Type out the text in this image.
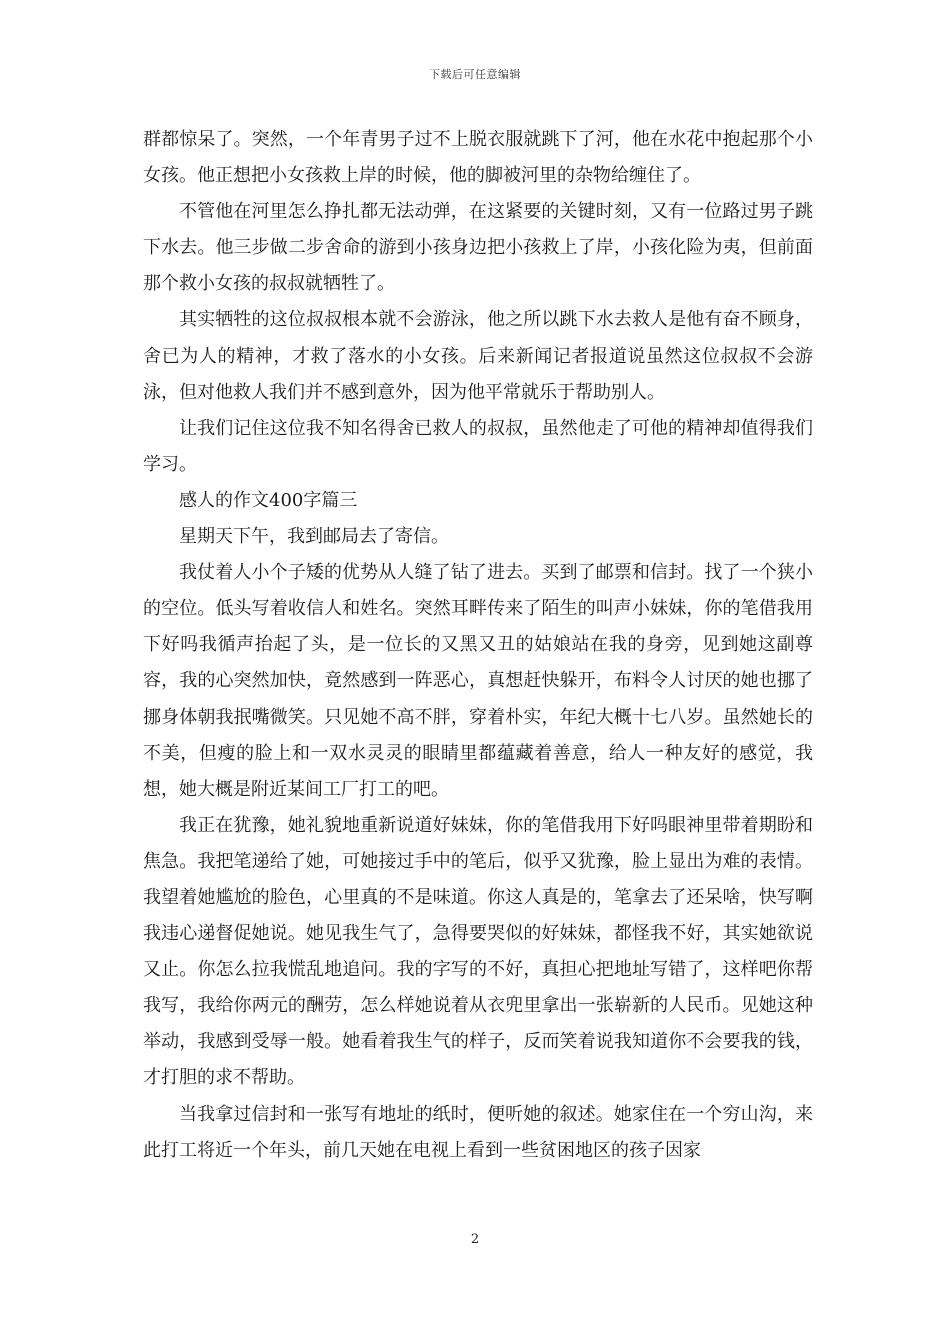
下载后可任意编辑

群都惊呆了。突然，一个年青男子过不上脱衣服就跳下了河，他在水花中抱起那个小女孩。他正想把小女孩救上岸的时候，他的脚被河里的杂物给缠住了。

不管他在河里怎么挣扎都无法动弹，在这紧要的关键时刻，又有一位路过男子跳下水去。他三步做二步舍命的游到小孩身边把小孩救上了岸，小孩化险为夷，但前面那个救小女孩的叔叔就牺牲了。

其实牺牲的这位叔叔根本就不会游泳，他之所以跳下水去救人是他有奋不顾身，舍已为人的精神，才救了落水的小女孩。后来新闻记者报道说虽然这位叔叔不会游泳，但对他救人我们并不感到意外，因为他平常就乐于帮助别人。

让我们记住这位我不知名得舍已救人的叔叔，虽然他走了可他的精神却值得我们学习。

感人的作文400字篇三

星期天下午，我到邮局去了寄信。

我仗着人小个子矮的优势从人缝了钻了进去。买到了邮票和信封。找了一个狭小的空位。低头写着收信人和姓名。突然耳畔传来了陌生的叫声小妹妹，你的笔借我用下好吗我循声抬起了头，是一位长的又黑又丑的姑娘站在我的身旁，见到她这副尊容，我的心突然加快，竟然感到一阵恶心，真想赶快躲开，布料令人讨厌的她也挪了挪身体朝我抿嘴微笑。只见她不高不胖，穿着朴实，年纪大概十七八岁。虽然她长的不美，但瘦的脸上和一双水灵灵的眼睛里都蕴藏着善意，给人一种友好的感觉，我想，她大概是附近某间工厂打工的吧。

我正在犹豫，她礼貌地重新说道好妹妹，你的笔借我用下好吗眼神里带着期盼和焦急。我把笔递给了她，可她接过手中的笔后，似乎又犹豫，脸上显出为难的表情。我望着她尴尬的脸色，心里真的不是味道。你这人真是的，笔拿去了还呆啥，快写啊我违心递督促她说。她见我生气了，急得要哭似的好妹妹，都怪我不好，其实她欲说又止。你怎么拉我慌乱地追问。我的字写的不好，真担心把地址写错了，这样吧你帮我写，我给你两元的酬劳，怎么样她说着从衣兜里拿出一张崭新的人民币。见她这种举动，我感到受辱一般。她看着我生气的样子，反而笑着说我知道你不会要我的钱，才打胆的求不帮助。

当我拿过信封和一张写有地址的纸时，便听她的叙述。她家住在一个穷山沟，来此打工将近一个年头，前几天她在电视上看到一些贫困地区的孩子因家

2
